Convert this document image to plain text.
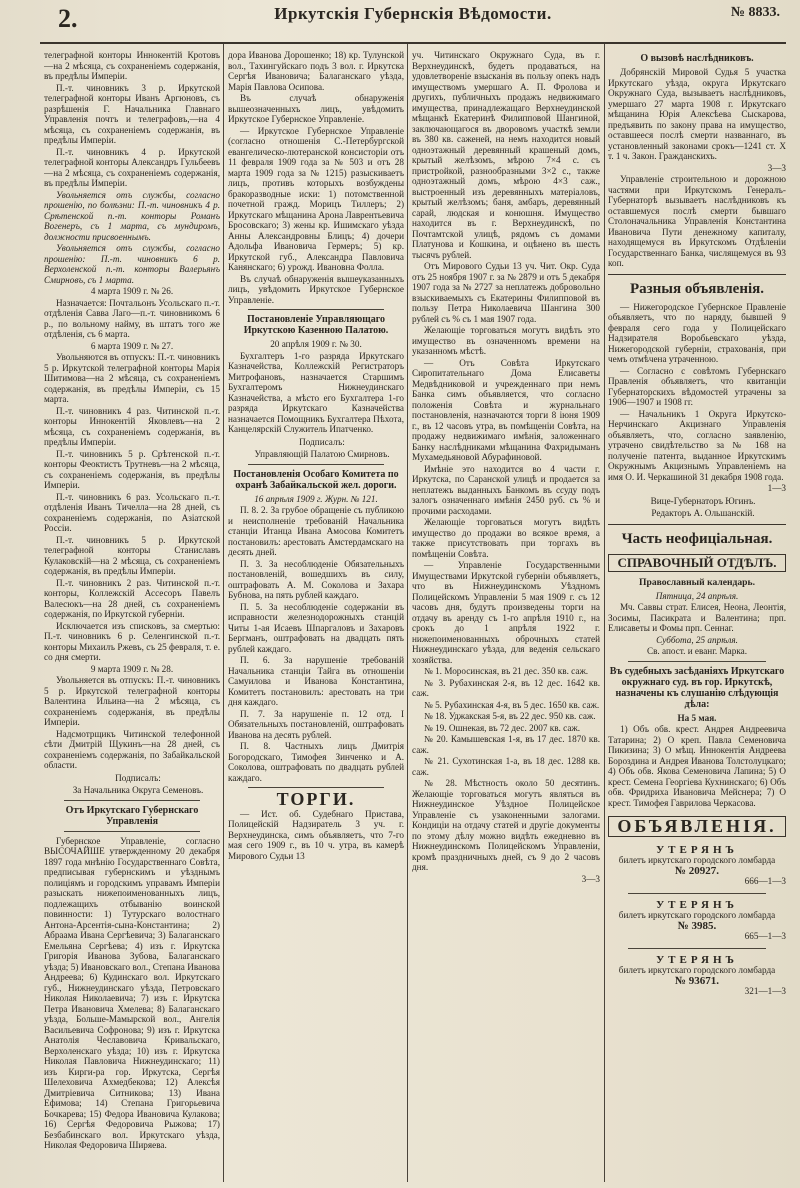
2.	Иркутскія Губернскія Вѣдомости.	№ 8833.

телеграфной конторы Иннокентій Кротовъ—на 2 мѣсяца, съ сохраненіемъ содержанія, въ предѣлы Имперіи.

П.-т. чиновникъ 3 р. Иркутской телеграфной конторы Иванъ Аргюновъ, съ разрѣшенія Г. Начальника Главнаго Управленія почтъ и телеграфовъ,—на 4 мѣсяца, съ сохраненіемъ содержанія, въ предѣлы Имперіи.

П.-т. чиновникъ 4 р. Иркутской телеграфной конторы Александръ Гульбеевъ—на 2 мѣсяца, съ сохраненіемъ содержанія, въ предѣлы Имперіи.

Увольняется отъ службы, согласно прошенію, по болѣзни: П.-т. чиновникъ 4 р. Срѣтенской п.-т. конторы Романъ Вогенеръ, съ 1 марта, съ мундиромъ, должности присвоеннымъ.

Увольняется отъ службы, согласно прошенію: П.-т. чиновникъ 6 р. Верхоленской п.-т. конторы Валерьянъ Смирновъ, съ 1 марта.

4 марта 1909 г. № 26.

Назначается: Почтальонъ Усольскаго п.-т. отдѣленія Савва Лаго—п.-т. чиновникомъ 6 р., по вольному найму, въ штатъ того же отдѣленія, съ 6 марта.

6 марта 1909 г. № 27.

Увольняются въ отпускъ: П.-т. чиновникъ 5 р. Иркутской телеграфной конторы Марія Шитимова—на 2 мѣсяца, съ сохраненіемъ содержанія, въ предѣлы Имперіи, съ 15 марта.

П.-т. чиновникъ 4 раз. Читинской п.-т. конторы Иннокентій Яковлевъ—на 2 мѣсяца, съ сохраненіемъ содержанія, въ предѣлы Имперіи.

П.-т. чиновникъ 5 р. Срѣтенской п.-т. конторы Феоктистъ Трутневъ—на 2 мѣсяца, съ сохраненіемъ содержанія, въ предѣлы Имперіи.

П.-т. чиновникъ 6 раз. Усольскаго п.-т. отдѣленія Иванъ Тичелла—на 28 дней, съ сохраненіемъ содержанія, по Азіатской Россіи.

П.-т. чиновникъ 5 р. Иркутской телеграфной конторы Станиславъ Кулаковскій—на 2 мѣсяца, съ сохраненіемъ содержанія, въ предѣлы Имперіи.

П.-т. чиновникъ 2 раз. Читинской п.-т. конторы, Коллежскій Ассесоръ Павелъ Валесюкъ—на 28 дней, съ сохраненіемъ содержанія, по Иркутской губерніи.

Исключается изъ списковъ, за смертью: П.-т. чиновникъ 6 р. Селенгинской п.-т. конторы Михаилъ Ржевъ, съ 25 февраля, т. е. со дня смерти.

9 марта 1909 г. № 28.

Увольняется въ отпускъ: П.-т. чиновникъ 5 р. Иркутской телеграфной конторы Валентина Ильина—на 2 мѣсяца, съ сохраненіемъ содержанія, въ предѣлы Имперіи.

Надсмотрщикъ Читинской телефонной сѣти Дмитрій Щукинъ—на 28 дней, съ сохраненіемъ содержанія, по Забайкальской области.

Подписалъ:

За Начальника Округа Семеновъ.

Отъ Иркутскаго Губернскаго Управленія

Губернское Управленіе, согласно ВЫСОЧАЙШЕ утвержденному 20 декабря 1897 года мнѣнію Государственнаго Совѣта, предписывая губернскимъ и уѣзднымъ полиціямъ и городскимъ управамъ Имперіи разыскать нижепоименованныхъ лицъ, подлежащихъ отбыванію воинской повинности: 1) Тутурскаго волостнаго Антона-Арсентія-сына-Константина; 2) Абраама Ивана Сергѣевича; 3) Балаганскаго Емельяна Сергѣева; 4) изъ г. Иркутска Григорія Иванова Зубова, Балаганскаго уѣзда; 5) Ивановскаго вол., Степана Иванова Андреева; 6) Кудинскаго вол. Иркутскаго губ., Нижнеудинскаго уѣзда, Петровскаго Николая Николаевича; 7) изъ г. Иркутска Петра Ивановича Хмелева; 8) Балаганскаго уѣзда, Больше-Мамырской вол., Ангелія Васильевича Софронова; 9) изъ г. Иркутска Анатолія Чеславовича Кривальскаго, Верхоленскаго уѣзда; 10) изъ г. Иркутска Николая Павловича Нижнеудинскаго; 11) изъ Кирги-ра гор. Иркутска, Сергѣя Шелеховича Ахмедбекова; 12) Алексѣя Дмитріевича Ситникова; 13) Ивана Ефимова; 14) Степана Григорьевича Бочкарева; 15) Федора Ивановича Кулакова; 16) Сергѣя Федоровича Рыжова; 17) Безбабинскаго вол. Иркутскаго уѣзда, Николая Федоровича Ширяева.

дора Иванова Дорошенко; 18) кр. Тулунской вол., Тахингуйскаго подъ 3 вол. г. Иркутска Сергѣя Ивановича; Балаганскаго уѣзда, Марія Павлова Осипова.

Въ случаѣ обнаруженія вышеозначенныхъ лицъ, увѣдомить Иркутское Губернское Управленіе.

— Иркутское Губернское Управленіе (согласно отношенія С.-Петербургской евангелическо-лютеранской консисторіи отъ 11 февраля 1909 года за № 503 и отъ 28 марта 1909 года за № 1215) разыскиваетъ лицъ, противъ которыхъ возбуждены бракоразводные иски: 1) потомственной почетной гражд. Морицъ Тиллеръ; 2) Иркутскаго мѣщанина Арона Лаврентьевича Бросовскаго; 3) жены кр. Ишимскаго уѣзда Анны Александровны Блицъ; 4) дочери Адольфа Ивановича Гермеръ; 5) кр. Иркутской губ., Александра Павловича Канянскаго; 6) урожд. Ивановна Фолла.

Въ случаѣ обнаруженія вышеуказанныхъ лицъ, увѣдомить Иркутское Губернское Управленіе.

Постановленіе Управляющаго Иркутскою Казенною Палатою.

20 апрѣля 1909 г. № 30.

Бухгалтеръ 1-го разряда Иркутскаго Казначейства, Коллежскій Регистраторъ Митрофановъ, назначается Старшимъ Бухгалтеромъ Нижнеудинскаго Казначейства, а мѣсто его Бухгалтера 1-го разряда Иркутскаго Казначейства назначается Помощникъ Бухгалтера Пѣхота, Канцелярскій Служитель Ипатченко.

Подписалъ:

Управляющій Палатою Смирновъ.

Постановленія Особаго Комитета по охранѣ Забайкальской жел. дороги.

16 апрѣля 1909 г. Журн. № 121.

П. 8. 2. За грубое обращеніе съ публикою и неисполненіе требованій Начальника станціи Итанца Ивана Амосова Комитетъ постановилъ: арестовать Амстердамскаго на десять дней.

П. 3. За несоблюденіе Обязательныхъ постановленій, вошедшихъ въ силу, оштрафовать А. М. Соколова и Захара Бубнова, на пять рублей каждаго.

П. 5. За несоблюденіе содержаніи въ исправности железнодорожныхъ станцій Читы 1-ая Исаевъ Шпаргаловъ и Захаровъ Бергманъ, оштрафовать на двадцать пять рублей каждаго.

П. 6. За нарушеніе требованій Начальника станціи Тайга въ отношеніи Самуилова и Иванова Константина, Комитетъ постановилъ: арестовать на три дня каждаго.

П. 7. За нарушеніе п. 12 отд. I Обязательныхъ постановленій, оштрафовать Иванова на десять рублей.

П. 8. Частныхъ лицъ Дмитрія Богородскаго, Тимофея Зинченко и А. Соколова, оштрафовать по двадцать рублей каждаго.

ТОРГИ.

— Ист. об. Судебнаго Пристава, Полицейскій Надзиратель 3 уч. г. Верхнеудинска, симъ объявляетъ, что 7-го мая сего 1909 г., въ 10 ч. утра, въ камерѣ Мирового Судьи 13

уч. Читинскаго Окружнаго Суда, въ г. Верхнеудинскѣ, будетъ продаваться, на удовлетвореніе взысканія въ пользу опекъ надъ имуществомъ умершаго А. П. Фролова и другихъ, публичныхъ продажъ недвижимаго имущества, принадлежащаго Верхнеудинской мѣщанкѣ Екатеринѣ Филипповой Шангиной, заключающагося въ дворовомъ участкѣ земли въ 380 кв. саженей, на немъ находится новый одноэтажный деревянный крашеный домъ, крытый желѣзомъ, мѣрою 7×4 с. съ пристройкой, разнообразными 3×2 с., также одноэтажный домъ, мѣрою 4×3 саж., выстроенный изъ деревянныхъ матеріаловъ, крытый желѣзомъ; баня, амбаръ, деревянный сарай, людская и конюшня. Имущество находится въ г. Верхнеудинскѣ, по Почтамтской улицѣ, рядомъ съ домами Платунова и Кошкина, и оцѣнено въ шесть тысячъ рублей.

Отъ Мирового Судьи 13 уч. Чит. Окр. Суда отъ 25 ноября 1907 г. за № 2879 и отъ 5 декабря 1907 года за № 2727 за неплатежъ добровольно взыскиваемыхъ съ Екатерины Филипповой въ пользу Петра Николаевича Шангина 300 рублей съ % съ 1 мая 1907 года.

Желающіе торговаться могутъ видѣть это имущество въ означенномъ времени на указанномъ мѣстѣ.

— Отъ Совѣта Иркутскаго Сиропитательнаго Дома Елисаветы Медвѣдниковой и учрежденнаго при немъ Банка симъ объявляется, что согласно положенія Совѣта и журнальнаго постановленія, назначаются торги 8 іюня 1909 г., въ 12 часовъ утра, въ помѣщеніи Совѣта, на продажу недвижимаго имѣнія, заложеннаго Банку наслѣдниками мѣщанина Фахридыманъ Мухамедьяновой Абурафиновой.

Имѣніе это находится во 4 части г. Иркутска, по Саранской улицѣ и продается за неплатежъ выданныхъ Банкомъ въ ссуду подъ залогъ означеннаго имѣнія 2450 руб. съ % и прочими расходами.

Желающіе торговаться могутъ видѣть имущество до продажи во всякое время, а также присутствовать при торгахъ въ помѣщеніи Совѣта.

— Управленіе Государственными Имуществами Иркутской губерніи объявляетъ, что въ Нижнеудинскомъ Уѣздномъ Полицейскомъ Управленіи 5 мая 1909 г. съ 12 часовъ дня, будутъ произведены торги на отдачу въ аренду съ 1-го апрѣля 1910 г., на срокъ до 1 апрѣля 1922 г. нижепоименованныхъ оброчныхъ статей Нижнеудинскаго уѣзда, для веденія сельскаго хозяйства.

№ 1. Моросинская, въ 21 дес. 350 кв. саж.

№ 3. Рубахинская 2-я, въ 12 дес. 1642 кв. саж.

№ 5. Рубахинская 4-я, въ 5 дес. 1650 кв. саж.

№ 18. Уджакская 5-я, въ 22 дес. 950 кв. саж.

№ 19. Ошнекая, въ 72 дес. 2007 кв. саж.

№ 20. Камышевская 1-я, въ 17 дес. 1870 кв. саж.

№ 21. Сухотинская 1-а, въ 18 дес. 1288 кв. саж.

№ 28. Мѣстность около 50 десятинъ. Желающіе торговаться могутъ являться въ Нижнеудинское Уѣздное Полицейское Управленіе съ узаконенными залогами. Кондиціи на отдачу статей и другіе документы по этому дѣлу можно видѣть ежедневно въ Нижнеудинскомъ Полицейскомъ Управленіи, кромѣ праздничныхъ дней, съ 9 до 2 часовъ дня.

3—3

О вызовѣ наслѣдниковъ.

Добрянскій Мировой Судья 5 участка Иркутскаго уѣзда, округа Иркутскаго Окружнаго Суда, вызываетъ наслѣдниковъ, умершаго 27 марта 1908 г. Иркутскаго мѣщанина Юрія Алексѣева Сыскарова, предъявить по закону права на имущество, оставшееся послѣ смерти названнаго, въ установленный законами срокъ—1241 ст. X т. 1 ч. Закон. Гражданскихъ.

3—3

Управленіе строительною и дорожною частями при Иркутскомъ Генералъ-Губернаторѣ вызываетъ наслѣдниковъ къ оставшемуся послѣ смерти бывшаго Столоначальника Управленія Константина Ивановича Пути денежному капиталу, находящемуся въ Иркутскомъ Отдѣленіи Государственнаго Банка, числящемуся въ 93 коп.

Разныя объявленія.

— Нижегородское Губернское Правленіе объявляетъ, что по наряду, бывшей 9 февраля сего года у Полицейскаго Надзирателя Воробьевскаго уѣзда, Нижегородской губерніи, страхованія, при чемъ отмѣчена утраченною.

— Согласно с совѣтомъ Губернскаго Правленія объявляетъ, что квитанціи Губернаторскихъ вѣдомостей утрачены за 1906—1907 и 1908 гг.

— Начальникъ 1 Округа Иркутско-Нерчинскаго Акцизнаго Управленія объявляетъ, что, согласно заявленію, утрачено свидѣтельство за № 168 на полученіе патента, выданное Иркутскимъ Окружнымъ Акцизнымъ Управленіемъ на имя О. И. Черкашиной 31 декабря 1908 года.

1—3

Вице-Губернаторъ Югинъ.

Редакторъ А. Ольшанскій.

Часть неофиціальная.
СПРАВОЧНЫЙ ОТДѢЛЪ.
Православный календарь.

Пятница, 24 апрѣля.

Мч. Саввы страт. Елисея, Неона, Леонтія, Зосимы, Пасикрата и Валентина; прп. Елисаветы и Фомы прп. Сеннаг.

Суббота, 25 апрѣля.

Св. апост. и еванг. Марка.

Въ судебныхъ засѣданіяхъ Иркутскаго окружнаго суд. въ гор. Иркутскѣ, назначены къ слушанію слѣдующія дѣла:

На 5 мая.

1) Объ обв. крест. Андрея Андреевича Татарина; 2) О креп. Павла Семеновича Пикизина; 3) О мѣщ. Иннокентія Андреева Бороздина и Андрея Иванова Толстолуцкаго; 4) Объ обв. Якова Семеновича Лапина; 5) О крест. Семена Георгіева Кухнинскаго; 6) Объ обв. Фридриха Ивановича Мейснера; 7) О крест. Тимофея Гаврилова Черкасова.

ОБЪЯВЛЕНІЯ.
УТЕРЯНЪ
билетъ иркутскаго городского ломбарда
№ 20927.
666—1—3
УТЕРЯНЪ
билетъ иркутскаго городского ломбарда
№ 3985.
665—1—3
УТЕРЯНЪ
билетъ иркутскаго городского ломбарда
№ 93671.
321—1—3
